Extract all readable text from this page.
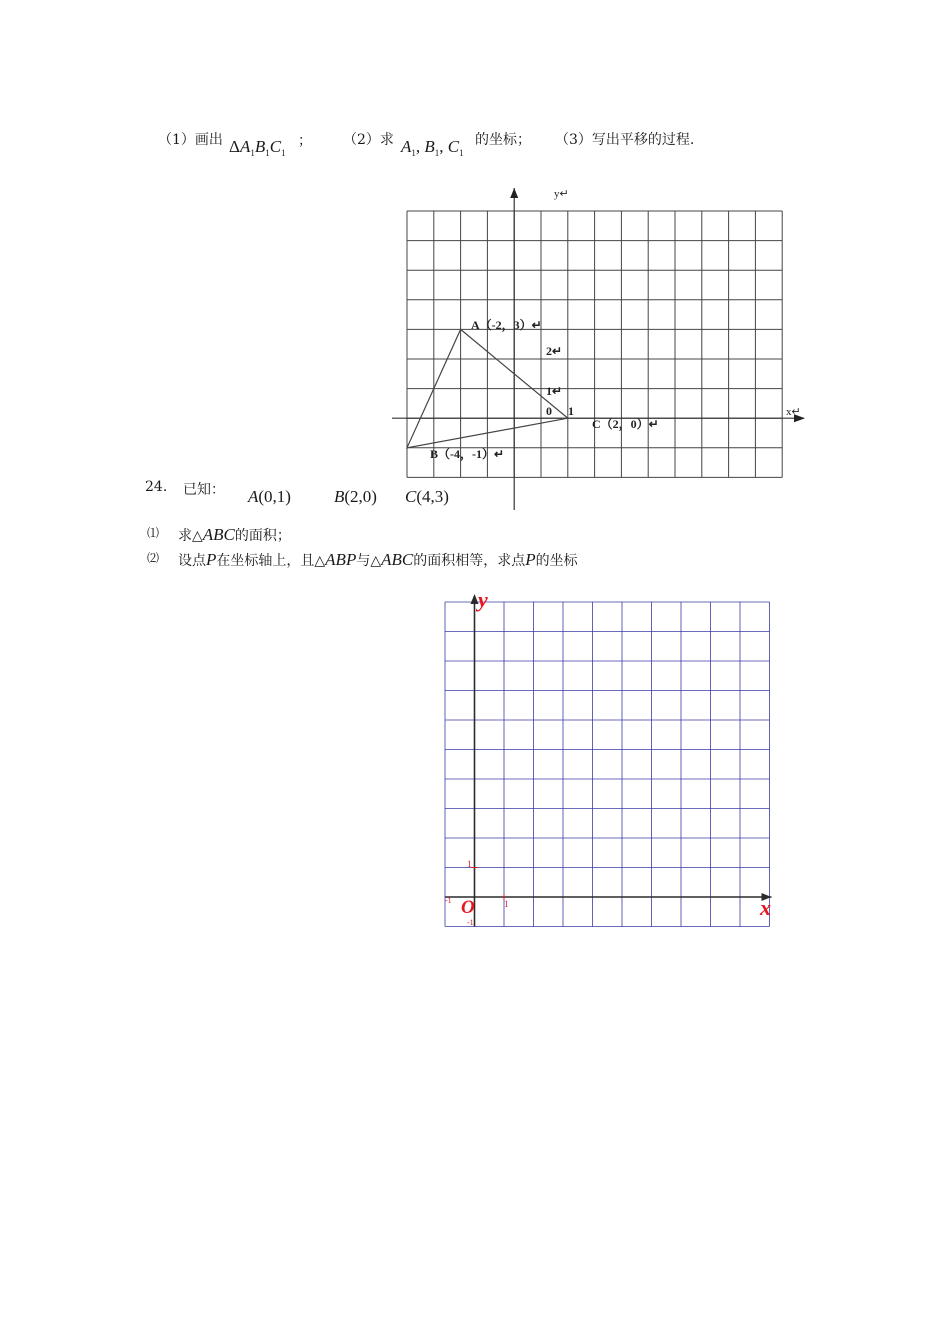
（1）画出 $\Delta A_1B_1C_1$
； （2）求 $A_1$, $B_1$, $C_1$
的坐标； （3）写出平移的过程.
y↵
x↵
A（-2，3）↵
B（-4，-1）↵
C（2，0）↵
2↵
1↵
0 1
24. 已知： A(0,1)	B(2,0) C(4,3)
⑴ 求△ABC的面积；
⑵ 设点P在坐标轴上，且△ABP与△ABC的面积相等，求点P的坐标
y
x
O
1
1
-1
-1
